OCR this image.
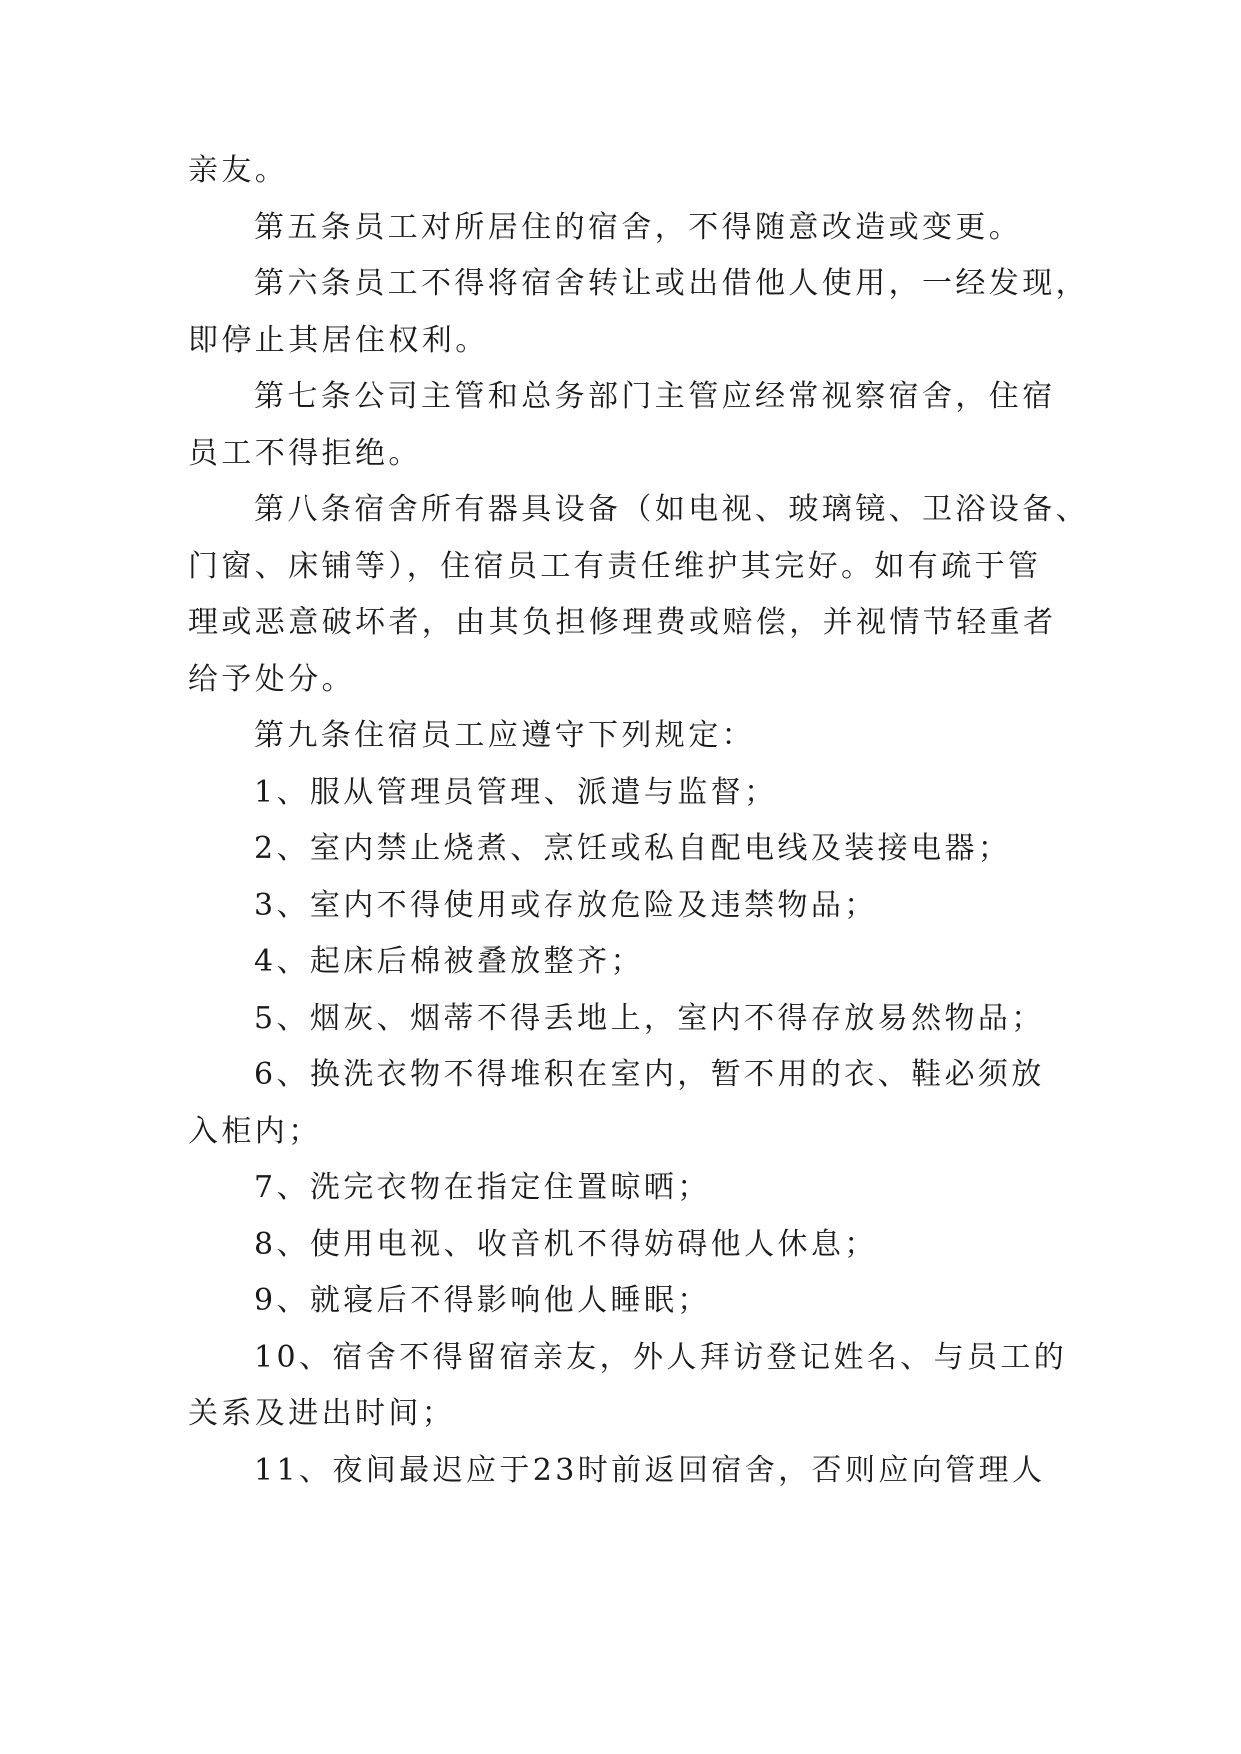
亲友。
第五条员工对所居住的宿舍，不得随意改造或变更。
第六条员工不得将宿舍转让或出借他人使用，一经发现，
即停止其居住权利。
第七条公司主管和总务部门主管应经常视察宿舍，住宿
员工不得拒绝。
第八条宿舍所有器具设备（如电视、玻璃镜、卫浴设备、
门窗、床铺等），住宿员工有责任维护其完好。如有疏于管
理或恶意破坏者，由其负担修理费或赔偿，并视情节轻重者
给予处分。
第九条住宿员工应遵守下列规定：
1、服从管理员管理、派遣与监督；
2、室内禁止烧煮、烹饪或私自配电线及装接电器；
3、室内不得使用或存放危险及违禁物品；
4、起床后棉被叠放整齐；
5、烟灰、烟蒂不得丢地上，室内不得存放易然物品；
6、换洗衣物不得堆积在室内，暂不用的衣、鞋必须放
入柜内；
7、洗完衣物在指定住置晾晒；
8、使用电视、收音机不得妨碍他人休息；
9、就寝后不得影响他人睡眠；
10、宿舍不得留宿亲友，外人拜访登记姓名、与员工的
关系及进出时间；
11、夜间最迟应于23时前返回宿舍，否则应向管理人
